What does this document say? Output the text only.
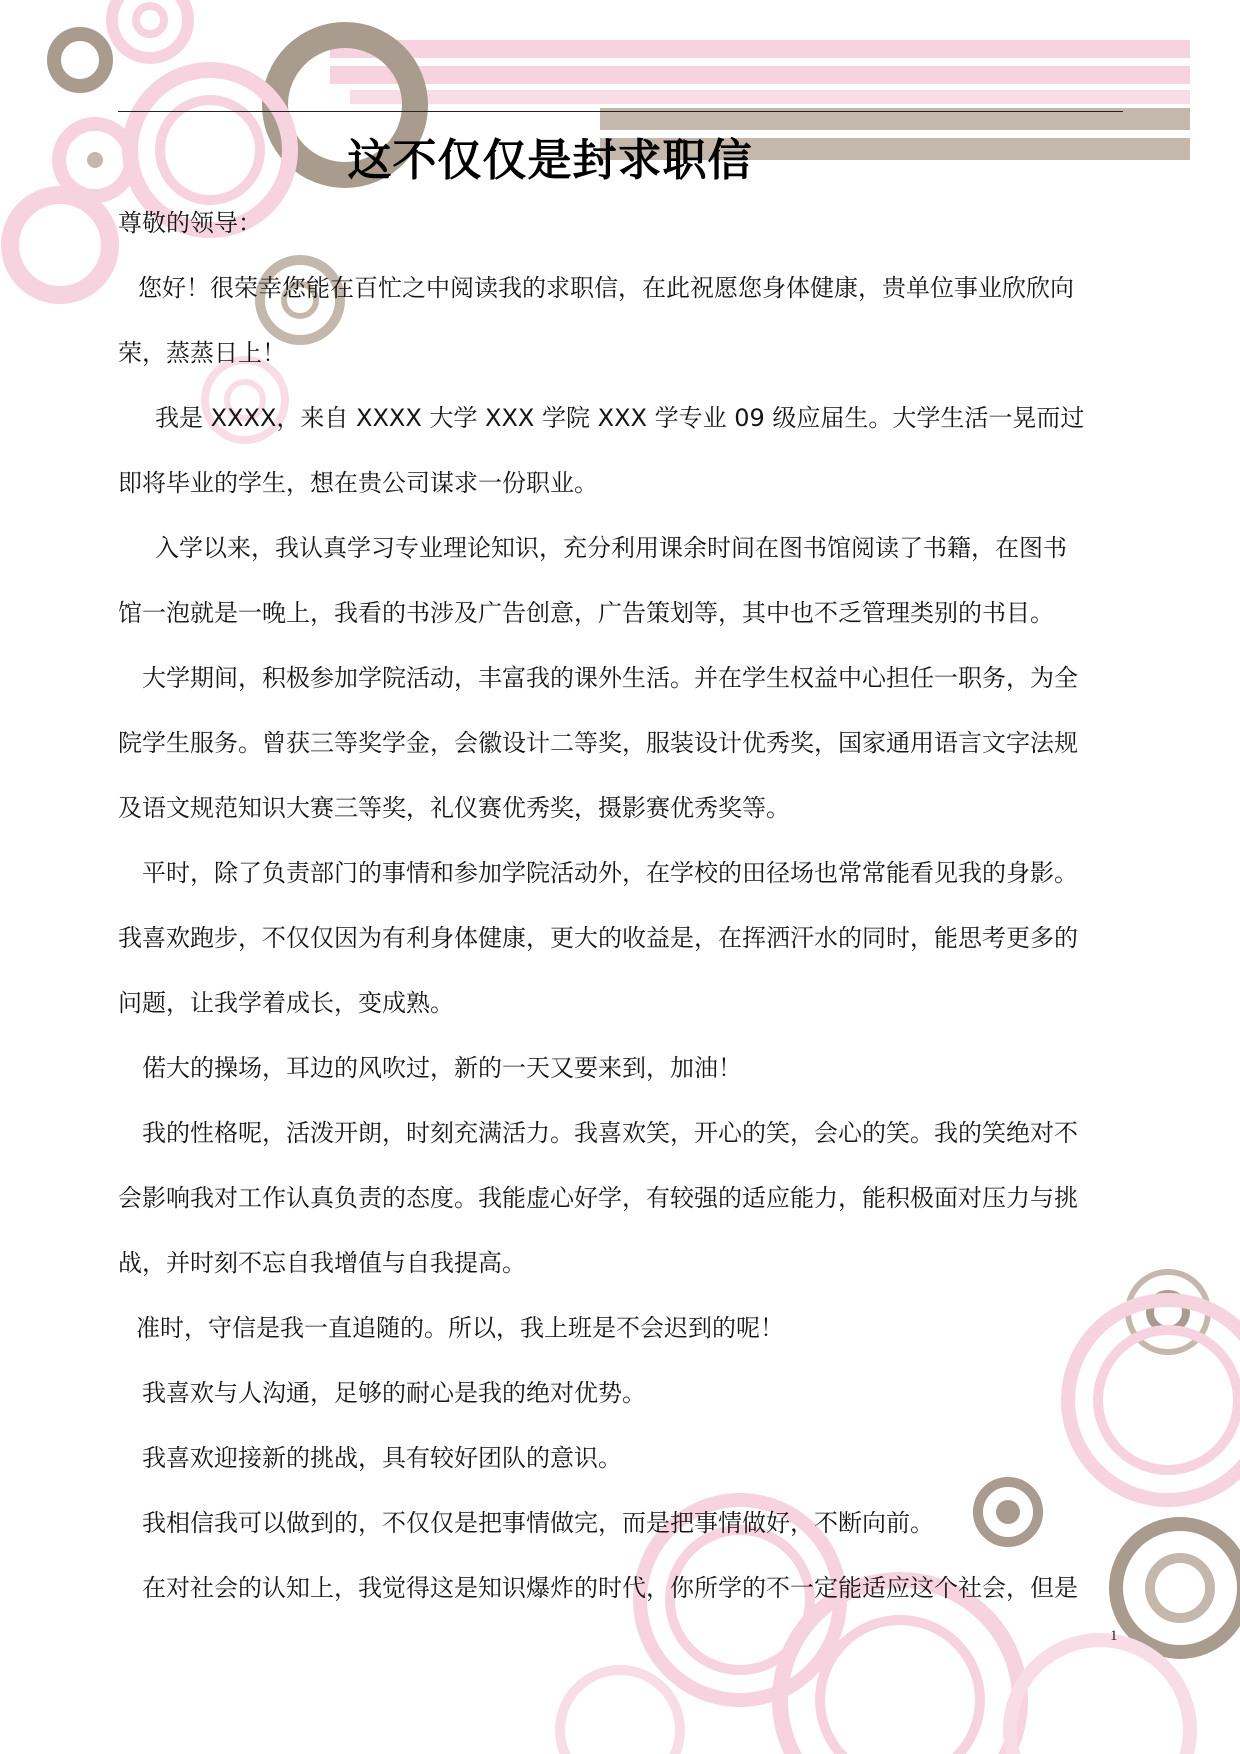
这不仅仅是封求职信
尊敬的领导：
您好！很荣幸您能在百忙之中阅读我的求职信，在此祝愿您身体健康，贵单位事业欣欣向
荣，蒸蒸日上！
我是 XXXX，来自 XXXX 大学 XXX 学院 XXX 学专业 09 级应届生。大学生活一晃而过
即将毕业的学生，想在贵公司谋求一份职业。
入学以来，我认真学习专业理论知识，充分利用课余时间在图书馆阅读了书籍，在图书
馆一泡就是一晚上，我看的书涉及广告创意，广告策划等，其中也不乏管理类别的书目。
大学期间，积极参加学院活动，丰富我的课外生活。并在学生权益中心担任一职务，为全
院学生服务。曾获三等奖学金，会徽设计二等奖，服装设计优秀奖，国家通用语言文字法规
及语文规范知识大赛三等奖，礼仪赛优秀奖，摄影赛优秀奖等。
平时，除了负责部门的事情和参加学院活动外，在学校的田径场也常常能看见我的身影。
我喜欢跑步，不仅仅因为有利身体健康，更大的收益是，在挥洒汗水的同时，能思考更多的
问题，让我学着成长，变成熟。
偌大的操场，耳边的风吹过，新的一天又要来到，加油！
我的性格呢，活泼开朗，时刻充满活力。我喜欢笑，开心的笑，会心的笑。我的笑绝对不
会影响我对工作认真负责的态度。我能虚心好学，有较强的适应能力，能积极面对压力与挑
战，并时刻不忘自我增值与自我提高。
准时，守信是我一直追随的。所以，我上班是不会迟到的呢！
我喜欢与人沟通，足够的耐心是我的绝对优势。
我喜欢迎接新的挑战，具有较好团队的意识。
我相信我可以做到的，不仅仅是把事情做完，而是把事情做好，不断向前。
在对社会的认知上，我觉得这是知识爆炸的时代，你所学的不一定能适应这个社会，但是
1
